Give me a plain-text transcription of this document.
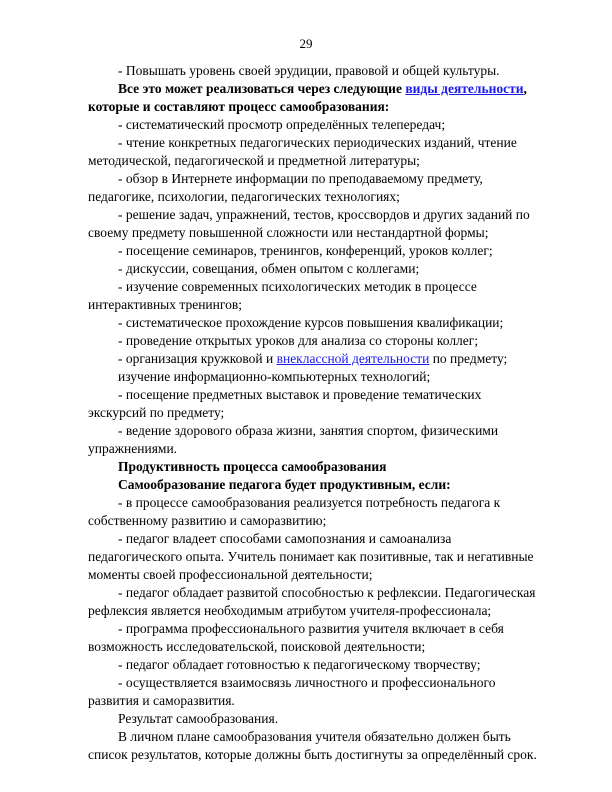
29

- Повышать уровень своей эрудиции, правовой и общей культуры.

Все это может реализоваться через следующие виды деятельности, которые и составляют процесс самообразования:

- систематический просмотр определённых телепередач;

- чтение конкретных педагогических периодических изданий, чтение методической, педагогической и предметной литературы;

- обзор в Интернете информации по преподаваемому предмету, педагогике, психологии, педагогических технологиях;

- решение задач, упражнений, тестов, кроссвордов и других заданий по своему предмету повышенной сложности или нестандартной формы;

- посещение семинаров, тренингов, конференций, уроков коллег;

- дискуссии, совещания, обмен опытом с коллегами;

- изучение современных психологических методик в процессе интерактивных тренингов;

- систематическое прохождение курсов повышения квалификации;

- проведение открытых уроков для анализа со стороны коллег;

- организация кружковой и внеклассной деятельности по предмету;

изучение информационно-компьютерных технологий;

- посещение предметных выставок и проведение тематических экскурсий по предмету;

- ведение здорового образа жизни, занятия спортом, физическими упражнениями.

Продуктивность процесса самообразования

Самообразование педагога будет продуктивным, если:

- в процессе самообразования реализуется потребность педагога к собственному развитию и саморазвитию;

- педагог владеет способами самопознания и самоанализа педагогического опыта. Учитель понимает как позитивные, так и негативные моменты своей профессиональной деятельности;

- педагог обладает развитой способностью к рефлексии. Педагогическая рефлексия является необходимым атрибутом учителя-профессионала;

- программа профессионального развития учителя включает в себя возможность исследовательской, поисковой деятельности;

- педагог обладает готовностью к педагогическому творчеству;

- осуществляется взаимосвязь личностного и профессионального развития и саморазвития.

Результат самообразования.

В личном плане самообразования учителя обязательно должен быть список результатов, которые должны быть достигнуты за определённый срок.
